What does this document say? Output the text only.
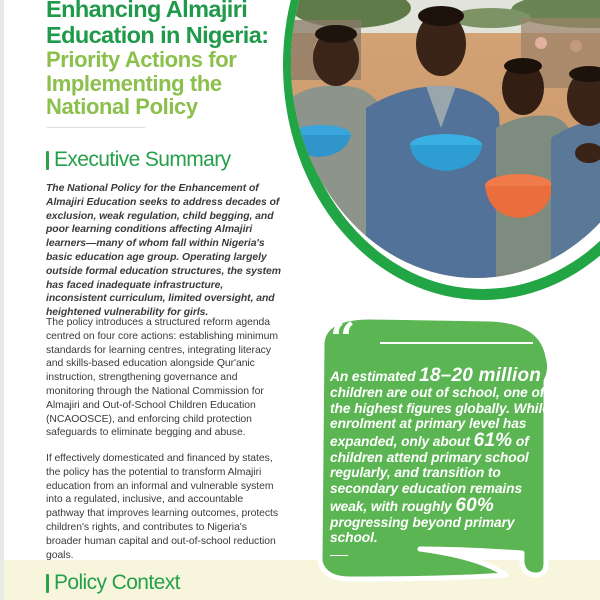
Enhancing Almajiri Education in Nigeria:
Priority Actions for Implementing the National Policy
Executive Summary

The National Policy for the Enhancement of Almajiri Education seeks to address decades of exclusion, weak regulation, child begging, and poor learning conditions affecting Almajiri learners—many of whom fall within Nigeria's basic education age group. Operating largely outside formal education structures, the system has faced inadequate infrastructure, inconsistent curriculum, limited oversight, and heightened vulnerability for girls.

The policy introduces a structured reform agenda centred on four core actions: establishing minimum standards for learning centres, integrating literacy and skills-based education alongside Qur'anic instruction, strengthening governance and monitoring through the National Commission for Almajiri and Out-of-School Children Education (NCAOOSCE), and enforcing child protection safeguards to eliminate begging and abuse.

If effectively domesticated and financed by states, the policy has the potential to transform Almajiri education from an informal and vulnerable system into a regulated, inclusive, and accountable pathway that improves learning outcomes, protects children's rights, and contributes to Nigeria's broader human capital and out-of-school reduction goals.

“

An estimated 18–20 million children are out of school, one of the highest figures globally. While enrolment at primary level has expanded, only about 61% of children attend primary school regularly, and transition to secondary education remains weak, with roughly 60% progressing beyond primary school.

Policy Context
